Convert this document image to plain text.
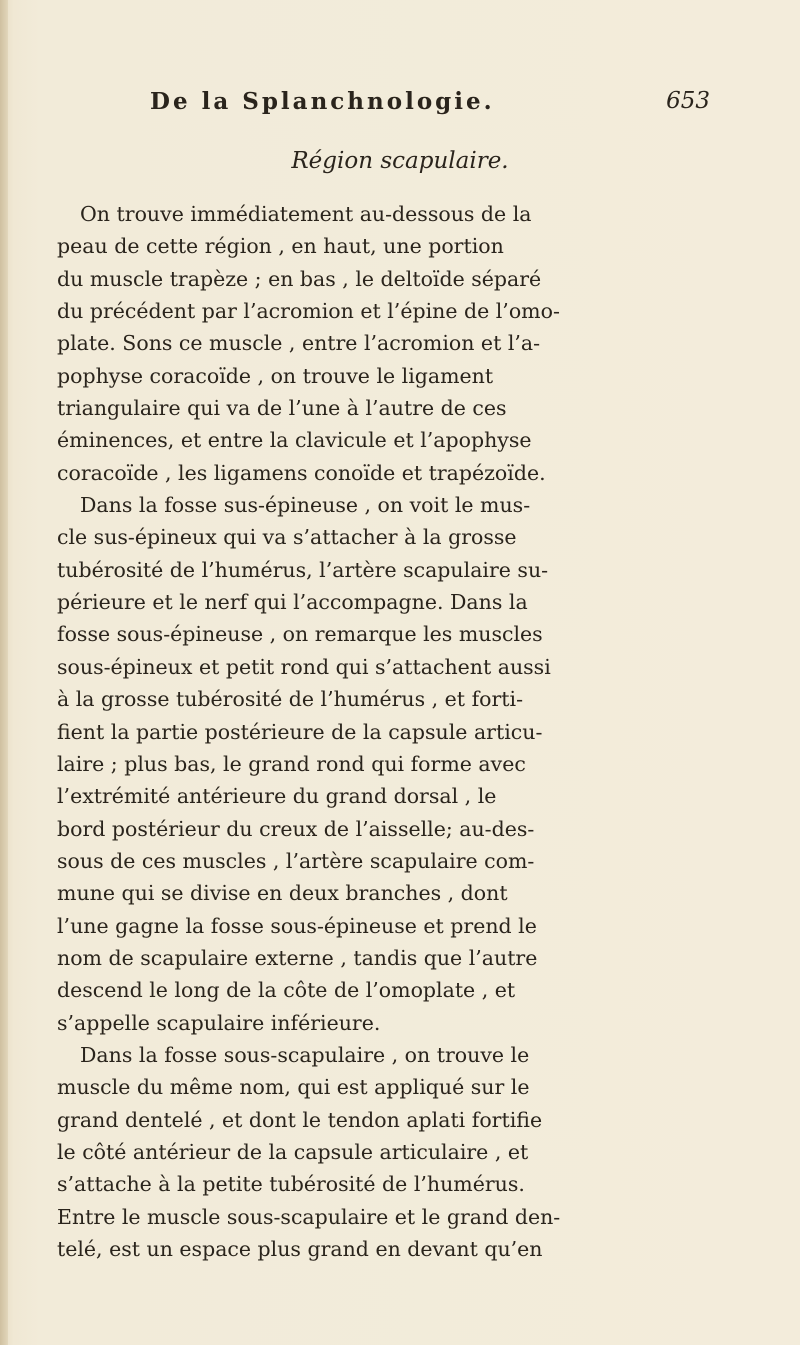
De la Splanchnologie.	653
Région scapulaire.
On trouve immédiatement au-dessous de la
peau de cette région , en haut, une portion
du muscle trapèze ; en bas , le deltoïde séparé
du précédent par l’acromion et l’épine de l’omo-
plate. Sons ce muscle , entre l’acromion et l’a-
pophyse coracoïde , on trouve le ligament
triangulaire qui va de l’une à l’autre de ces
éminences, et entre la clavicule et l’apophyse
coracoïde , les ligamens conoïde et trapézoïde.
Dans la fosse sus-épineuse , on voit le mus-
cle sus-épineux qui va s’attacher à la grosse
tubérosité de l’humérus, l’artère scapulaire su-
périeure et le nerf qui l’accompagne. Dans la
fosse sous-épineuse , on remarque les muscles
sous-épineux et petit rond qui s’attachent aussi
à la grosse tubérosité de l’humérus , et forti-
fient la partie postérieure de la capsule articu-
laire ; plus bas, le grand rond qui forme avec
l’extrémité antérieure du grand dorsal , le
bord postérieur du creux de l’aisselle; au-des-
sous de ces muscles , l’artère scapulaire com-
mune qui se divise en deux branches , dont
l’une gagne la fosse sous-épineuse et prend le
nom de scapulaire externe , tandis que l’autre
descend le long de la côte de l’omoplate , et
s’appelle scapulaire inférieure.
Dans la fosse sous-scapulaire , on trouve le
muscle du même nom, qui est appliqué sur le
grand dentelé , et dont le tendon aplati fortifie
le côté antérieur de la capsule articulaire , et
s’attache à la petite tubérosité de l’humérus.
Entre le muscle sous-scapulaire et le grand den-
telé, est un espace plus grand en devant qu’en
